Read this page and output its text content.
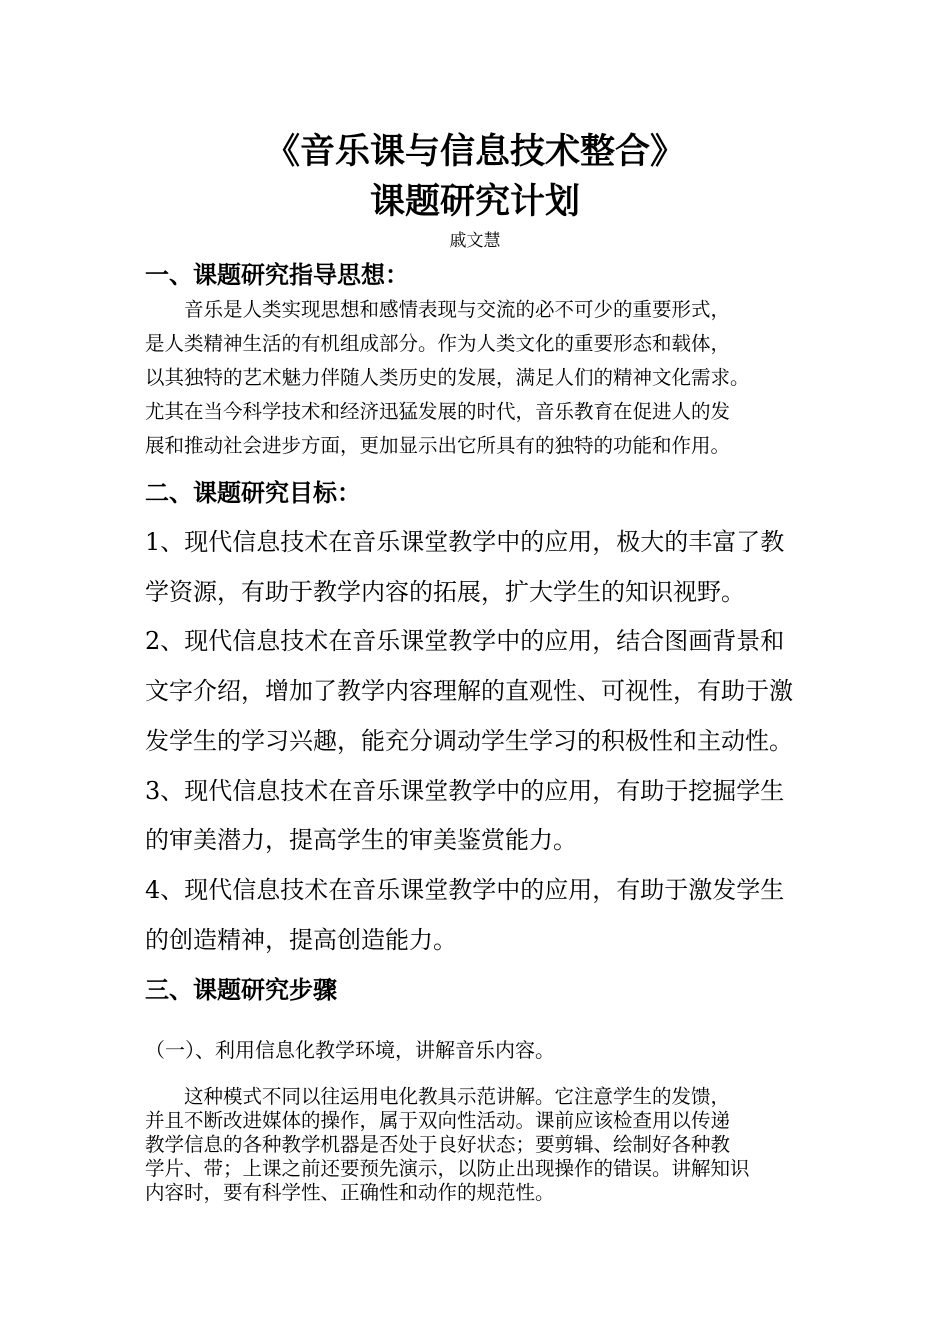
《音乐课与信息技术整合》
课题研究计划
戚文慧
一、课题研究指导思想：
　　音乐是人类实现思想和感情表现与交流的必不可少的重要形式，
是人类精神生活的有机组成部分。作为人类文化的重要形态和载体，
以其独特的艺术魅力伴随人类历史的发展，满足人们的精神文化需求。
尤其在当今科学技术和经济迅猛发展的时代，音乐教育在促进人的发
展和推动社会进步方面，更加显示出它所具有的独特的功能和作用。
二、课题研究目标：
1、现代信息技术在音乐课堂教学中的应用，极大的丰富了教
学资源，有助于教学内容的拓展，扩大学生的知识视野。
2、现代信息技术在音乐课堂教学中的应用，结合图画背景和
文字介绍，增加了教学内容理解的直观性、可视性，有助于激
发学生的学习兴趣，能充分调动学生学习的积极性和主动性。
3、现代信息技术在音乐课堂教学中的应用，有助于挖掘学生
的审美潜力，提高学生的审美鉴赏能力。
4、现代信息技术在音乐课堂教学中的应用，有助于激发学生
的创造精神，提高创造能力。
三、课题研究步骤
（一）、利用信息化教学环境，讲解音乐内容。
　　这种模式不同以往运用电化教具示范讲解。它注意学生的发馈，
并且不断改进媒体的操作，属于双向性活动。课前应该检查用以传递
教学信息的各种教学机器是否处于良好状态；要剪辑、绘制好各种教
学片、带；上课之前还要预先演示，以防止出现操作的错误。讲解知识
内容时，要有科学性、正确性和动作的规范性。
